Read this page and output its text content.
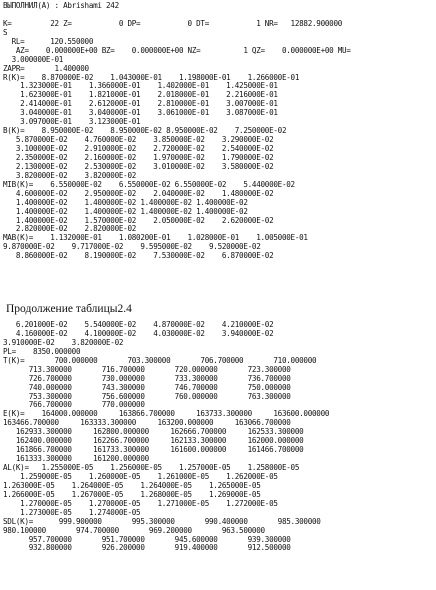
ВЫПОЛНИЛ(А) : Abrishami 242
K=         22 Z=           0 DP=           0 DT=           1 NR=   12882.900000
S
RL=      120.550000
AZ=    0.000000E+00 BZ=    0.000000E+00 NZ=          1 QZ=    0.000000E+00 MU=
3.000000E-01
ZAPR=       1.400000
R(K)=    8.870000E-02    1.043000E-01    1.198000E-01    1.266000E-01
1.323000E-01    1.366000E-01    1.402000E-01    1.425000E-01
1.623000E-01    1.821000E-01    2.018000E-01    2.216000E-01
2.414000E-01    2.612000E-01    2.810000E-01    3.007000E-01
3.040000E-01    3.040000E-01    3.061000E-01    3.087000E-01
3.097000E-01    3.123000E-01
B(K)=    8.950000E-02    8.950000E-02 8.950000E-02    7.250000E-02
5.870000E-02    4.760000E-02    3.850000E-02    3.290000E-02
3.100000E-02    2.910000E-02    2.720000E-02    2.540000E-02
2.350000E-02    2.160000E-02    1.970000E-02    1.790000E-02
2.130000E-02    2.530000E-02    3.010000E-02    3.580000E-02
3.820000E-02    3.820000E-02
MIB(K)=    6.550000E-02    6.550000E-02 6.550000E-02    5.440000E-02
4.600000E-02    2.950000E-02    2.040000E-02    1.480000E-02
1.400000E-02    1.400000E-02 1.400000E-02 1.400000E-02
1.400000E-02    1.400000E-02 1.400000E-02 1.400000E-02
1.400000E-02    1.570000E-02    2.050000E-02    2.620000E-02
2.820000E-02    2.820000E-02
MAB(K)=    1.132000E-01    1.080200E-01    1.028000E-01    1.005000E-01
9.870000E-02    9.717000E-02    9.595000E-02    9.520000E-02
8.860000E-02    8.190000E-02    7.530000E-02    6.870000E-02
Продолжение таблицы2.4
6.201000E-02    5.540000E-02    4.870000E-02    4.210000E-02
4.160000E-02    4.100000E-02    4.030000E-02    3.940000E-02
3.910000E-02    3.820000E-02
PL=    8350.000000
T(K)=       700.000000       703.300000       706.700000       710.000000
713.300000       716.700000       720.000000       723.300000
726.700000       730.000000       733.300000       736.700000
740.000000       743.300000       746.700000       750.000000
753.300000       756.600000       760.000000       763.300000
766.700000       770.000000
E(K)=    164000.000000     163866.700000     163733.300000     163600.000000
163466.700000     163333.300000     163200.000000     163066.700000
162933.300000     162800.000000     162666.700000     162533.300000
162400.000000     162266.700000     162133.300000     162000.000000
161866.700000     161733.300000     161600.000000     161466.700000
161333.300000     161200.000000
AL(K)=   1.255000E-05    1.256000E-05    1.257000E-05    1.258000E-05
1.259000E-05    1.260000E-05    1.261000E-05    1.262000E-05
1.263000E-05    1.264000E-05    1.264000E-05    1.265000E-05
1.266000E-05    1.267000E-05    1.268000E-05    1.269000E-05
1.270000E-05    1.270000E-05    1.271000E-05    1.272000E-05
1.273000E-05    1.274000E-05
SDL(K)=      999.900000       995.300000       990.400000       985.300000
980.100000       974.700000       969.200000       963.500000
957.700000       951.700000       945.600000       939.300000
932.800000       926.200000       919.400000       912.500000
